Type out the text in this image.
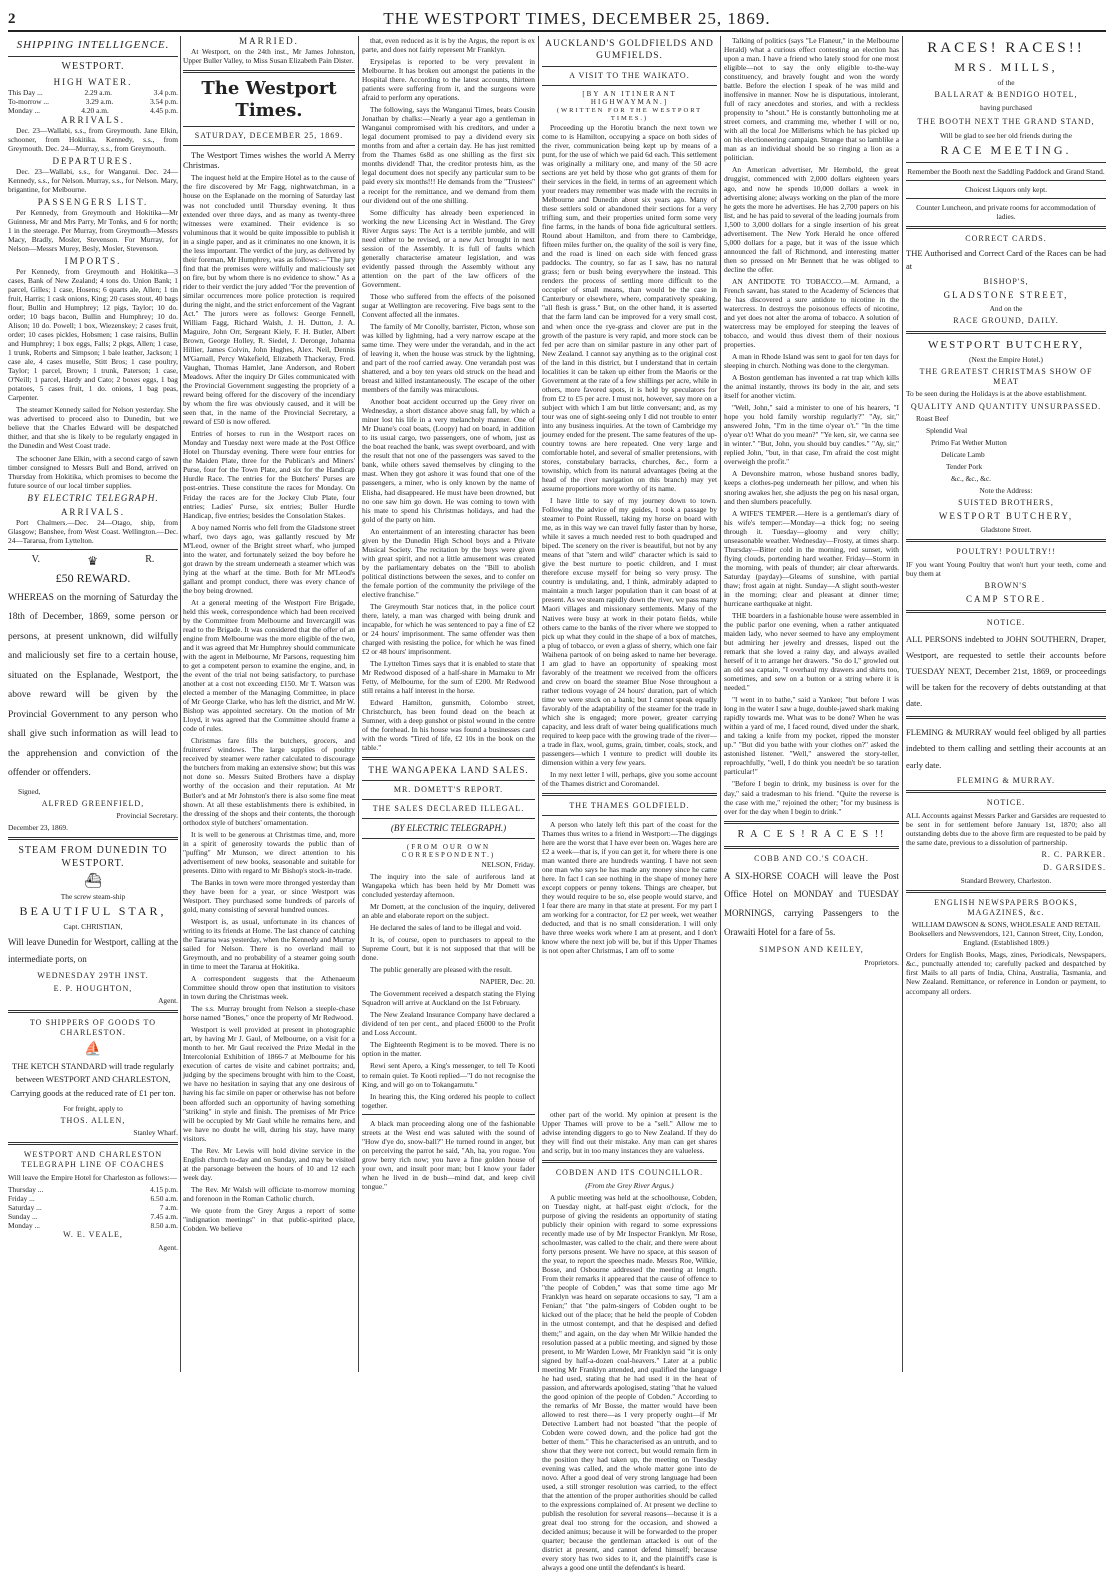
2	THE WESTPORT TIMES, DECEMBER 25, 1869.
SHIPPING INTELLIGENCE.
WESTPORT.
HIGH WATER.
This Day ...	2.29 a.m.	3.4 p.m.
To-morrow ...	3.29 a.m.	3.54 p.m.
Monday ...	4.20 a.m.	4.45 p.m.
ARRIVALS.

Dec. 23—Wallabi, s.s., from Greymouth. Jane Elkin, schooner, from Hokitika. Kennedy, s.s., from Greymouth. Dec. 24—Murray, s.s., from Greymouth.

DEPARTURES.

Dec. 23—Wallabi, s.s., for Wanganui. Dec. 24—Kennedy, s.s., for Nelson. Murray, s.s., for Nelson. Mary, brigantine, for Melbourne.

PASSENGERS LIST.

Per Kennedy, from Greymouth and Hokitika—Mr Guinness, Mr and Mrs Parry, Mr Tonks, and 6 for north; 1 in the steerage. Per Murray, from Greymouth—Messrs Macy, Bradly, Mosler, Stevenson. For Murray, for Nelson—Messrs Murey, Besly, Mosler, Stevenson.

IMPORTS.

Per Kennedy, from Greymouth and Hokitika—3 cases, Bank of New Zealand; 4 tons do. Union Bank; 1 parcel, Gilles; 1 case, Hosens; 6 quarts ale, Allen; 1 tin fruit, Harris; 1 cask onions, King; 20 cases stout, 40 bags flour, Bullin and Humphrey; 12 pigs, Taylor; 10 do. order; 10 bags bacon, Bullin and Humphrey; 10 do. Alison; 10 do. Powell; 1 box, Wiezenskey; 2 cases fruit, order; 10 cases pickles, Hobsmen; 1 case raisins, Bullin and Humphrey; 1 box eggs, Falls; 2 pkgs, Allen; 1 case, 1 trunk, Roberts and Simpson; 1 bale leather, Jackson; 1 case ale, 4 cases muselle, Stitt Bros; 1 case poultry, Taylor; 1 parcel, Brown; 1 trunk, Paterson; 1 case, O'Neill; 1 parcel, Hardy and Cato; 2 boxes eggs, 1 bag potatoes, 5 cases fruit, 1 do. onions, 1 bag peas, Carpenter.

The steamer Kennedy sailed for Nelson yesterday. She was advertised to proceed also to Dunedin, but we believe that the Charles Edward will be despatched thither, and that she is likely to be regularly engaged in the Dunedin and West Coast trade.

The schooner Jane Elkin, with a second cargo of sawn timber consigned to Messrs Bull and Bond, arrived on Thursday from Hokitika, which promises to become the future source of our local timber supplies.

BY ELECTRIC TELEGRAPH.
ARRIVALS.

Port Chalmers.—Dec. 24—Otago, ship, from Glasgow; Banshee, from West Coast. Wellington.—Dec. 24—Tararua, from Lyttelton.

V.	♛	R.
£50 REWARD.

WHEREAS on the morning of Saturday the 18th of December, 1869, some person or persons, at present unknown, did wilfully and maliciously set fire to a certain house, situated on the Esplanade, Westport, the above reward will be given by the Provincial Government to any person who shall give such information as will lead to the apprehension and conviction of the offender or offenders.

Signed,

ALFRED GREENFIELD,

Provincial Secretary.

December 23, 1869.

STEAM FROM DUNEDIN TO WESTPORT.
⛴

The screw steam-ship

BEAUTIFUL STAR,

Capt. CHRISTIAN,

Will leave Dunedin for Westport, calling at the intermediate ports, on

WEDNESDAY 29TH INST.

E. P. HOUGHTON,

Agent.

TO SHIPPERS OF GOODS TO CHARLESTON.
⛵

THE KETCH STANDARD will trade regularly between WESTPORT AND CHARLESTON, Carrying goods at the reduced rate of £1 per ton.

For freight, apply to

THOS. ALLEN,

Stanley Wharf.

WESTPORT AND CHARLESTON TELEGRAPH LINE OF COACHES

Will leave the Empire Hotel for Charleston as follows:—

Thursday ...	4.15 p.m.
Friday ...	6.50 a.m.
Saturday ...	7 a.m.
Sunday ...	7.45 a.m.
Monday ...	8.50 a.m.

W. E. VEALE,

Agent.

MARRIED.

At Westport, on the 24th inst., Mr James Johnston, Upper Buller Valley, to Miss Susan Elizabeth Pain Dister.

The Westport Times.
SATURDAY, DECEMBER 25, 1869.

The Westport Times wishes the world A Merry Christmas.

The inquest held at the Empire Hotel as to the cause of the fire discovered by Mr Fagg, nightwatchman, in a house on the Esplanade on the morning of Saturday last was not concluded until Thursday evening. It thus extended over three days, and as many as twenty-three witnesses were examined. Their evidence is so voluminous that it would be quite impossible to publish it in a single paper, and as it criminates no one known, it is the less important. The verdict of the jury, as delivered by their foreman, Mr Humphrey, was as follows:—"The jury find that the premises were wilfully and maliciously set on fire, but by whom there is no evidence to show." As a rider to their verdict the jury added "For the prevention of similar occurrences more police protection is required during the night, and the strict enforcement of the Vagrant Act." The jurors were as follows: George Fennell, William Fagg, Richard Walsh, J. H. Dutton, J. A. Maguire, John Orr, Sergeant Kiely, F. H. Butler, Albert Brown, George Holley, R. Siedel, J. Deronge, Johanna Hillier, James Colvin, John Hughes, Alex. Neil, Dennis M'Garnall, Percy Wakefield, Elizabeth Thackeray, Fred. Vaughan, Thomas Hamlet, Jane Anderson, and Robert Meadows. After the inquiry Dr Giles communicated with the Provincial Government suggesting the propriety of a reward being offered for the discovery of the incendiary by whom the fire was obviously caused, and it will be seen that, in the name of the Provincial Secretary, a reward of £50 is now offered.

Entries of horses to run in the Westport races on Monday and Tuesday next were made at the Post Office Hotel on Thursday evening. There were four entries for the Maiden Plate, three for the Publican's and Miners' Purse, four for the Town Plate, and six for the Handicap Hurdle Race. The entries for the Butchers' Purses are post-entries. These constitute the races for Monday. On Friday the races are for the Jockey Club Plate, four entries; Ladies' Purse, six entries; Buller Hurdle Handicap, five entries; besides the Consolation Stakes.

A boy named Norris who fell from the Gladstone street wharf, two days ago, was gallantly rescued by Mr M'Leod, owner of the Bright street wharf, who jumped into the water, and fortunately seized the boy before he got drawn by the stream underneath a steamer which was lying at the wharf at the time. Both for Mr M'Leod's gallant and prompt conduct, there was every chance of the boy being drowned.

At a general meeting of the Westport Fire Brigade, held this week, correspondence which had been received by the Committee from Melbourne and Invercargill was read to the Brigade. It was considered that the offer of an engine from Melbourne was the more eligible of the two, and it was agreed that Mr Humphrey should communicate with the agent in Melbourne, Mr Parsons, requesting him to get a competent person to examine the engine, and, in the event of the trial not being satisfactory, to purchase another at a cost not exceeding £150. Mr T. Watson was elected a member of the Managing Committee, in place of Mr George Clarke, who has left the district, and Mr W. Bishop was appointed secretary. On the motion of Mr Lloyd, it was agreed that the Committee should frame a code of rules.

Christmas fare fills the butchers, grocers, and fruiterers' windows. The large supplies of poultry received by steamer were rather calculated to discourage the butchers from making an extensive show; but this was not done so. Messrs Suited Brothers have a display worthy of the occasion and their reputation. At Mr Butler's and at Mr Johnston's there is also some fine meat shown. At all these establishments there is exhibited, in the dressing of the shops and their contents, the thorough orthodox style of butchers' ornamentation.

It is well to be generous at Christmas time, and, more in a spirit of generosity towards the public than of "puffing" Mr Munson, we direct attention to his advertisement of new books, seasonable and suitable for presents. Ditto with regard to Mr Bishop's stock-in-trade.

The Banks in town were more thronged yesterday than they have been for a year, or since Westport was Westport. They purchased some hundreds of parcels of gold, many consisting of several hundred ounces.

Westport is, as usual, unfortunate in its chances of writing to its friends at Home. The last chance of catching the Tararua was yesterday, when the Kennedy and Murray sailed for Nelson. There is no overland mail to Greymouth, and no probability of a steamer going south in time to meet the Tararua at Hokitika.

A correspondent suggests that the Athenaeum Committee should throw open that institution to visitors in town during the Christmas week.

The s.s. Murray brought from Nelson a steeple-chase horse named "Bones," once the property of Mr Redwood.

Westport is well provided at present in photographic art, by having Mr J. Gaul, of Melbourne, on a visit for a month to her. Mr Gaul received the Prize Medal in the Intercolonial Exhibition of 1866-7 at Melbourne for his execution of cartes de visite and cabinet portraits; and, judging by the specimens brought with him to the Coast, we have no hesitation in saying that any one desirous of having his fac simile on paper or otherwise has not before been afforded such an opportunity of having something "striking" in style and finish. The premises of Mr Price will be occupied by Mr Gaul while he remains here, and we have no doubt he will, during his stay, have many visitors.

The Rev. Mr Lewis will hold divine service in the English church to-day and on Sunday, and may be visited at the parsonage between the hours of 10 and 12 each week day.

The Rev. Mr Walsh will officiate to-morrow morning and forenoon in the Roman Catholic church.

We quote from the Grey Argus a report of some "indignation meetings" in that public-spirited place, Cobden. We believe

that, even reduced as it is by the Argus, the report is ex parte, and does not fairly represent Mr Franklyn.

Erysipelas is reported to be very prevalent in Melbourne. It has broken out amongst the patients in the Hospital there. According to the latest accounts, thirteen patients were suffering from it, and the surgeons were afraid to perform any operations.

The following, says the Wanganui Times, beats Cousin Jonathan by chalks:—Nearly a year ago a gentleman in Wanganui compromised with his creditors, and under a legal document promised to pay a dividend every six months from and after a certain day. He has just remitted from the Thames 6s8d as one shilling as the first six months dividend! That, the creditor protests him, as the legal document does not specify any particular sum to be paid every six months!!! He demands from the "Trustees" a receipt for the remittance, and we demand from them our dividend out of the one shilling.

Some difficulty has already been experienced in working the new Licensing Act in Westland. The Grey River Argus says: The Act is a terrible jumble, and will need either to be revised, or a new Act brought in next session of the Assembly. It is full of faults which generally characterise amateur legislation, and was evidently passed through the Assembly without any attention on the part of the law officers of the Government.

Those who suffered from the effects of the poisoned sugar at Wellington are recovering. Five bags sent to the Convent affected all the inmates.

The family of Mr Conolly, barrister, Picton, whose son was killed by lightning, had a very narrow escape at the same time. They were under the verandah, and in the act of leaving it, when the house was struck by the lightning, and part of the roof carried away. One verandah post was shattered, and a boy ten years old struck on the head and breast and killed instantaneously. The escape of the other members of the family was miraculous.

Another boat accident occurred up the Grey river on Wednesday, a short distance above snag fall, by which a miner lost his life in a very melancholy manner. One of Mr Duane's coal boats, (Loopy) had on board, in addition to its usual cargo, two passengers, one of whom, just as the boat reached the bank, was swept overboard, and with the result that not one of the passengers was saved to the bank, while others saved themselves by clinging to the mast. When they got ashore it was found that one of the passengers, a miner, who is only known by the name of Elisha, had disappeared. He must have been drowned, but no one saw him go down. He was coming to town with his mate to spend his Christmas holidays, and had the gold of the party on him.

An entertainment of an interesting character has been given by the Dunedin High School boys and a Private Musical Society. The recitation by the boys were given with great spirit, and not a little amusement was created by the parliamentary debates on the "Bill to abolish political distinctions between the sexes, and to confer on the female portion of the community the privilege of the elective franchise."

The Greymouth Star notices that, in the police court there, lately, a man was charged with being drunk and incapable, for which he was sentenced to pay a fine of £2 or 24 hours' imprisonment. The same offender was then charged with resisting the police, for which he was fined £2 or 48 hours' imprisonment.

The Lyttelton Times says that it is enabled to state that Mr Redwood disposed of a half-share in Mamaku to Mr Fetty, of Melbourne, for the sum of £200. Mr Redwood still retains a half interest in the horse.

Edward Hamilton, gunsmith, Colombo street, Christchurch, has been found dead on the beach at Sumner, with a deep gunshot or pistol wound in the centre of the forehead. In his house was found a businesses card with the words "Tired of life, £2 10s in the book on the table."

THE WANGAPEKA LAND SALES.
MR. DOMETT'S REPORT.
THE SALES DECLARED ILLEGAL.
(BY ELECTRIC TELEGRAPH.)
(FROM OUR OWN CORRESPONDENT.)

NELSON, Friday.

The inquiry into the sale of auriferous land at Wangapeka which has been held by Mr Domett was concluded yesterday afternoon.

Mr Domett, at the conclusion of the inquiry, delivered an able and elaborate report on the subject.

He declared the sales of land to be illegal and void.

It is, of course, open to purchasers to appeal to the Supreme Court, but it is not supposed that that will be done.

The public generally are pleased with the result.

NAPIER, Dec. 20.

The Government received a despatch stating the Flying Squadron will arrive at Auckland on the 1st February.

The New Zealand Insurance Company have declared a dividend of ten per cent., and placed £6000 to the Profit and Loss Account.

The Eighteenth Regiment is to be moved. There is no option in the matter.

Rewi sent Apero, a King's messenger, to tell Te Kooti to remain quiet. Te Kooti replied—"I do not recognise the King, and will go on to Tokangamutu."

In hearing this, the King ordered his people to collect together.

A black man proceeding along one of the fashionable streets at the West end was saluted with the sound of "How d'ye do, snow-ball?" He turned round in anger, but on perceiving the parrot he said, "Ah, ha, you rogue. You grow berry rich now; you have a fine golden house of your own, and insult poor man; but I know your fader when he lived in de bush—mind dat, and keep civil tongue."

AUCKLAND'S GOLDFIELDS AND GUMFIELDS.
A VISIT TO THE WAIKATO.
[BY AN ITINERANT HIGHWAYMAN.]
(WRITTEN FOR THE WESTPORT TIMES.)

Proceeding up the Horotiu branch the next town we come to is Hamilton, occupying a space on both sides of the river, communication being kept up by means of a punt, for the use of which we paid 6d each. This settlement was originally a military one, and many of the 50 acre sections are yet held by those who got grants of them for their services in the field, in terms of an agreement which your readers may remember was made with the recruits in Melbourne and Dunedin about six years ago. Many of these settlers sold or abandoned their sections for a very trifling sum, and their properties united form some very fine farms, in the hands of bona fide agricultural settlers. Round about Hamilton, and from there to Cambridge, fifteen miles further on, the quality of the soil is very fine, and the road is lined on each side with fenced grass paddocks. The country, so far as I saw, has no natural grass; fern or bush being everywhere the instead. This renders the process of settling more difficult to the occupier of small means, than would be the case in Canterbury or elsewhere, where, comparatively speaking, "all flesh is grass." But, on the other hand, it is asserted that the farm land can be improved for a very small cost, and when once the rye-grass and clover are put in the growth of the pasture is very rapid, and more stock can be fed per acre than on similar pasture in any other part of New Zealand. I cannot say anything as to the original cost of the land in this district, but I understand that in certain localities it can be taken up either from the Maoris or the Government at the rate of a few shillings per acre, while in others, more favored spots, it is held by speculators for from £2 to £5 per acre. I must not, however, say more on a subject with which I am but little conversant; and, as my tour was one of sight-seeing only I did not trouble to enter into any business inquiries. At the town of Cambridge my journey ended for the present. The same features of the up-country towns are here repeated. One very large and comfortable hotel, and several of smaller pretensions, with stores, constabulary barracks, churches, &c., form a township, which from its natural advantages (being at the head of the river navigation on this branch) may yet assume proportions more worthy of its name.

I have little to say of my journey down to town. Following the advice of my guides, I took a passage by steamer to Point Russell, taking my horse on board with me, as in this way we can travel fully faster than by horse, while it saves a much needed rest to both quadruped and biped. The scenery on the river is beautiful, but not by any means of that "stern and wild" character which is said to give the best nurture to poetic children, and I must therefore excuse myself for being so very prosy. The country is undulating, and, I think, admirably adapted to maintain a much larger population than it can boast of at present. As we steam rapidly down the river, we pass many Maori villages and missionary settlements. Many of the Natives were busy at work in their potato fields, while others came to the banks of the river where we stopped to pick up what they could in the shape of a box of matches, a plug of tobacco, or even a glass of sherry, which one fair Waihena partook of on being asked to name her beverage. I am glad to have an opportunity of speaking most favorably of the treatment we received from the officers and crew on board the steamer Blue Nose throughout a rather tedious voyage of 24 hours' duration, part of which time we were stuck on a bank; but I cannot speak equally favorably of the adaptability of the steamer for the trade in which she is engaged; more power, greater carrying capacity, and less draft of water being qualifications much required to keep pace with the growing trade of the river—a trade in flax, wool, gums, grain, timber, coals, stock, and passengers—which I venture to predict will double its dimension within a very few years.

In my next letter I will, perhaps, give you some account of the Thames district and Coromandel.

THE THAMES GOLDFIELD.

A person who lately left this part of the coast for the Thames thus writes to a friend in Westport:—The diggings here are the worst that I have ever been on. Wages here are £2 a week—that is, if you can get it, for where there is one man wanted there are hundreds wanting. I have not seen one man who says he has made any money since he came here. In fact I can see nothing in the shape of money here except coppers or penny tokens. Things are cheaper, but they would require to be so, else people would starve, and I fear there are many in that state at present. For my part I am working for a contractor, for £2 per week, wet weather deducted, and that is no small consideration. I will only have three weeks work where I am at present, and I don't know where the next job will be, but if this Upper Thames is not open after Christmas, I am off to some

Talking of politics (says "Le Flaneur," in the Melbourne Herald) what a curious effect contesting an election has upon a man. I have a friend who lately stood for one most eligible—not to say the only eligible to-the-way constituency, and bravely fought and won the wordy battle. Before the election I speak of he was mild and inoffensive in manner. Now he is disputatious, intolerant, full of racy anecdotes and stories, and with a reckless propensity to "shout." He is constantly buttonholing me at street corners, and cramming me, whether I will or no, with all the local Joe Millerisms which he has picked up on his electioneering campaign. Strange that so lamblike a man as an individual should be so ringing a lion as a politician.

An American advertiser, Mr Hembold, the great druggist, commenced with 2,000 dollars eighteen years ago, and now he spends 10,000 dollars a week in advertising alone; always working on the plan of the more he gets the more he advertises. He has 2,700 papers on his list, and he has paid to several of the leading journals from 1,500 to 3,000 dollars for a single insertion of his great advertisement. The New York Herald he once offered 5,000 dollars for a page, but it was of the issue which announced the fall of Richmond, and interesting matter then so pressed on Mr Bennett that he was obliged to decline the offer.

AN ANTIDOTE TO TOBACCO.—M. Armand, a French savant, has stated to the Academy of Sciences that he has discovered a sure antidote to nicotine in the watercress. In destroys the poisonous effects of nicotine, and yet does not alter the aroma of tobacco. A solution of watercress may be employed for steeping the leaves of tobacco, and would thus divest them of their noxious properties.

A man in Rhode Island was sent to gaol for ten days for sleeping in church. Nothing was done to the clergyman.

A Boston gentleman has invented a rat trap which kills the animal instantly, throws its body in the air, and sets itself for another victim.

"Well, John," said a minister to one of his hearers, "I hope you hold family worship regularly?" "Ay, sir," answered John, "I'm in the time o'year o't." "In the time o'year o't! What do you mean?" "Ye ken, sir, we canna see in winter." "But, John, you should buy candles." "Ay, sir," replied John, "but, in that case, I'm afraid the cost might overweigh the profit."

A Devonshire matron, whose husband snores badly, keeps a clothes-peg underneath her pillow, and when his snoring awakes her, she adjusts the peg on his nasal organ, and then slumbers peacefully.

A WIFE'S TEMPER.—Here is a gentleman's diary of his wife's temper:—Monday—a thick fog; no seeing through it. Tuesday—gloomy and very chilly; unseasonable weather. Wednesday—Frosty, at times sharp. Thursday—Bitter cold in the morning, red sunset, with flying clouds, portending hard weather. Friday—Storm in the morning, with peals of thunder; air clear afterwards. Saturday (payday)—Gleams of sunshine, with partial thaw; frost again at night. Sunday—A slight south-wester in the morning; clear and pleasant at dinner time; hurricane earthquake at night.

THE boarders in a fashionable house were assembled in the public parlor one evening, when a rather antiquated maiden lady, who never seemed to have any employment but admiring her jewelry and dresses, lisped out the remark that she loved a rainy day, and always availed herself of it to arrange her drawers. "So do I," growled out an old sea captain, "I overhaul my drawers and shirts too, sometimes, and sew on a button or a string where it is needed."

"I went in to bathe," said a Yankee; "but before I was long in the water I saw a huge, double-jawed shark making rapidly towards me. What was to be done? When he was within a yard of me, I faced round, dived under the shark, and taking a knife from my pocket, ripped the monster up." "But did you bathe with your clothes on?" asked the astonished listener. "Well," answered the story-teller, reproachfully, "well, I do think you needn't be so taration particular!"

"Before I begin to drink, my business is over for the day," said a tradesman to his friend. "Quite the reverse is the case with me," rejoined the other; "for my business is over for the day when I begin to drink."

R A C E S ! R A C E S !!
COBB AND CO.'S COACH.

A SIX-HORSE COACH will leave the Post Office Hotel on MONDAY and TUESDAY MORNINGS, carrying Passengers to the Orawaiti Hotel for a fare of 5s.

SIMPSON AND KEILEY,

Proprietors.

other part of the world. My opinion at present is the Upper Thames will prove to be a "sell." Allow me to advise intending diggers to go to New Zealand. If they do they will find out their mistake. Any man can get shares and scrip, but in too many instances they are valueless.

COBDEN AND ITS COUNCILLOR.
(From the Grey River Argus.)

A public meeting was held at the schoolhouse, Cobden, on Tuesday night, at half-past eight o'clock, for the purpose of giving the residents an opportunity of stating publicly their opinion with regard to some expressions recently made use of by Mr Inspector Franklyn. Mr Rose, schoolmaster, was called to the chair, and there were about forty persons present. We have no space, at this season of the year, to report the speeches made. Messrs Roe, Wilkie, Bosse, and Osbourne addressed the meeting at length. From their remarks it appeared that the cause of offence to "the people of Cobden," was that some time ago Mr Franklyn was heard on separate occasions to say, "I am a Fenian;" that "the palm-singers of Cobden ought to be kicked out of the place; that he held the people of Cobden in the utmost contempt, and that he despised and defied them;" and again, on the day when Mr Wilkie handed the resolution passed at a public meeting, and signed by those present, to Mr Warden Lowe, Mr Franklyn said "it is only signed by half-a-dozen coal-heavers." Later at a public meeting Mr Franklyn attended, and qualified the language he had used, stating that he had used it in the heat of passion, and afterwards apologised, stating "that he valued the good opinion of the people of Cobden." According to the remarks of Mr Bosse, the matter would have been allowed to rest there—as I very properly ought—if Mr Detective Lambert had not boasted "that the people of Cobden were cowed down, and the police had got the better of them." This he characterised as an untruth, and to show that they were not correct, but would remain firm in the position they had taken up, the meeting on Tuesday evening was called, and the whole matter gone into de novo. After a good deal of very strong language had been used, a still stronger resolution was carried, to the effect that the attention of the proper authorities should be called to the expressions complained of. At present we decline to publish the resolution for several reasons—because it is a great deal too strong for the occasion, and showed a decided animus; because it will be forwarded to the proper quarter; because the gentleman attacked is out of the district at present, and cannot defend himself; because every story has two sides to it, and the plaintiff's case is always a good one until the defendant's is heard.

RACES! RACES!!

MRS. MILLS,

of the

BALLARAT & BENDIGO HOTEL,

having purchased

THE BOOTH NEXT THE GRAND STAND,

Will be glad to see her old friends during the

RACE MEETING.

Remember the Booth next the Saddling Paddock and Grand Stand.

Choicest Liquors only kept.

Counter Luncheon, and private rooms for accommodation of ladies.

CORRECT CARDS.

THE Authorised and Correct Card of the Races can be had at

BISHOP'S,

GLADSTONE STREET,

And on the

RACE GROUND, DAILY.

WESTPORT BUTCHERY,

(Next the Empire Hotel.)

THE GREATEST CHRISTMAS SHOW OF MEAT

To be seen during the Holidays is at the above establishment.

QUALITY AND QUANTITY UNSURPASSED.

Roast Beef

Splendid Veal

Primo Fat Wether Mutton

Delicate Lamb

Tender Pork

&c., &c., &c.

Note the Address:

SUISTED BROTHERS,

WESTPORT BUTCHERY,

Gladstone Street.

POULTRY! POULTRY!!

IF you want Young Poultry that won't hurt your teeth, come and buy them at

BROWN'S

CAMP STORE.

NOTICE.

ALL PERSONS indebted to JOHN SOUTHERN, Draper, Westport, are requested to settle their accounts before TUESDAY NEXT, December 21st, 1869, or proceedings will be taken for the recovery of debts outstanding at that date.

FLEMING & MURRAY would feel obliged by all parties indebted to them calling and settling their accounts at an early date.

FLEMING & MURRAY.

NOTICE.

ALL Accounts against Messrs Parker and Garsides are requested to be sent in for settlement before January 1st, 1870; also all outstanding debts due to the above firm are requested to be paid by the same date, previous to a dissolution of partnership.

R. C. PARKER.

D. GARSIDES.

Standard Brewery, Charleston.

ENGLISH NEWSPAPERS BOOKS, MAGAZINES, &c.

WILLIAM DAWSON & SONS, WHOLESALE AND RETAIL Booksellers and Newsvendors, 121, Cannon Street, City, London, England. (Established 1809.)

Orders for English Books, Mags, zines, Periodicals, Newspapers, &c., punctually attended to; carefully packed and despatched by first Mails to all parts of India, China, Australia, Tasmania, and New Zealand. Remittance, or reference in London or payment, to accompany all orders.
